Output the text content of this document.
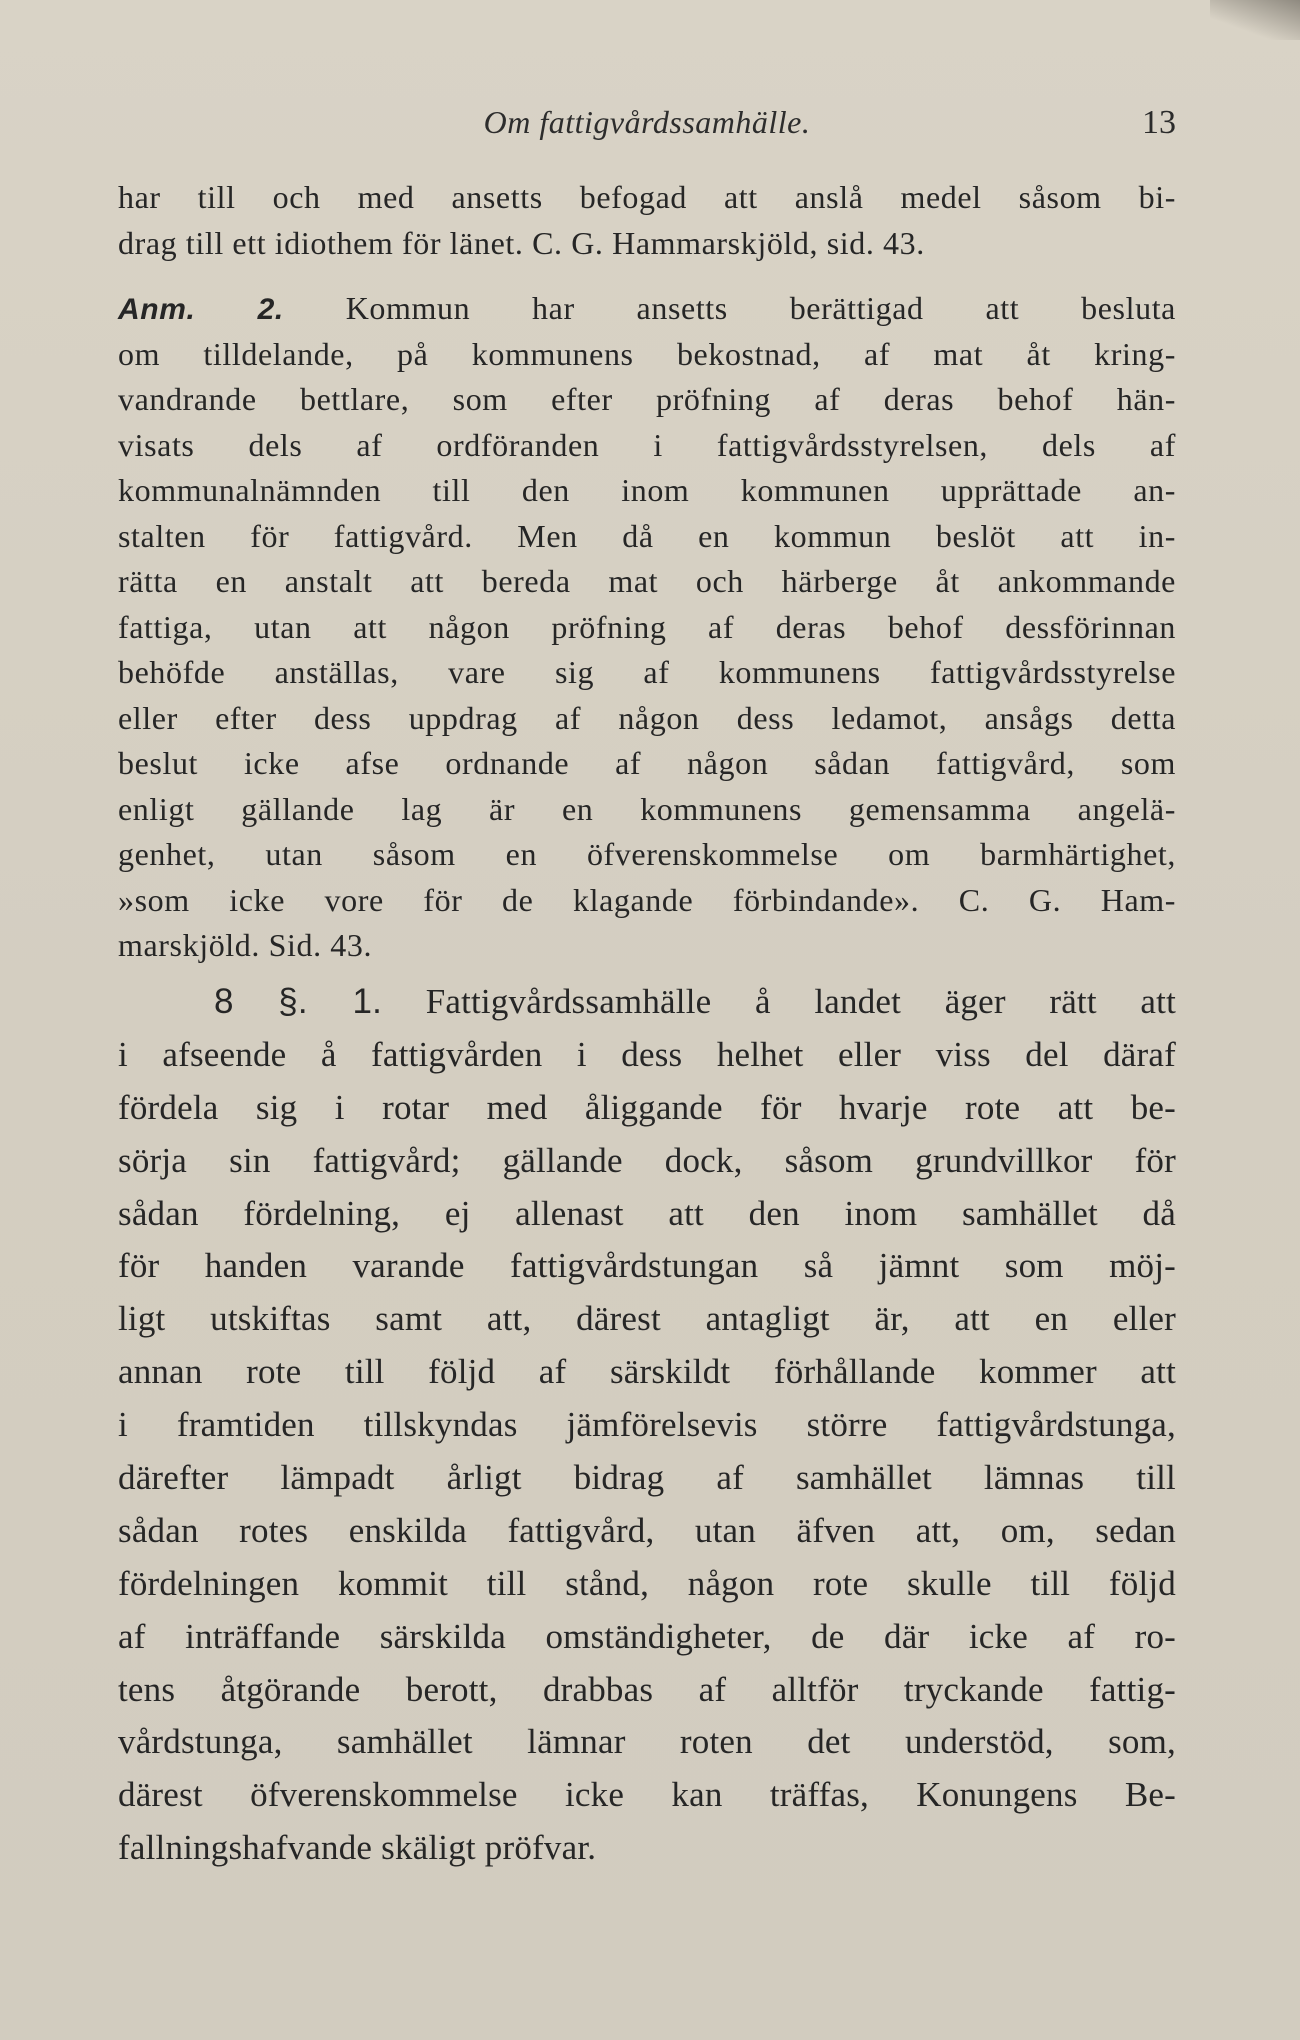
Om fattigvårdssamhälle.	13
har till och med ansetts befogad att anslå medel såsom bi-
drag till ett idiothem för länet. C. G. Hammarskjöld, sid. 43.
Anm. 2. Kommun har ansetts berättigad att besluta
om tilldelande, på kommunens bekostnad, af mat åt kring-
vandrande bettlare, som efter pröfning af deras behof hän-
visats dels af ordföranden i fattigvårdsstyrelsen, dels af
kommunalnämnden till den inom kommunen upprättade an-
stalten för fattigvård. Men då en kommun beslöt att in-
rätta en anstalt att bereda mat och härberge åt ankommande
fattiga, utan att någon pröfning af deras behof dessförinnan
behöfde anställas, vare sig af kommunens fattigvårdsstyrelse
eller efter dess uppdrag af någon dess ledamot, ansågs detta
beslut icke afse ordnande af någon sådan fattigvård, som
enligt gällande lag är en kommunens gemensamma angelä-
genhet, utan såsom en öfverenskommelse om barmhärtighet,
»som icke vore för de klagande förbindande». C. G. Ham-
marskjöld. Sid. 43.
8 §. 1. Fattigvårdssamhälle å landet äger rätt att
i afseende å fattigvården i dess helhet eller viss del däraf
fördela sig i rotar med åliggande för hvarje rote att be-
sörja sin fattigvård; gällande dock, såsom grundvillkor för
sådan fördelning, ej allenast att den inom samhället då
för handen varande fattigvårdstungan så jämnt som möj-
ligt utskiftas samt att, därest antagligt är, att en eller
annan rote till följd af särskildt förhållande kommer att
i framtiden tillskyndas jämförelsevis större fattigvårdstunga,
därefter lämpadt årligt bidrag af samhället lämnas till
sådan rotes enskilda fattigvård, utan äfven att, om, sedan
fördelningen kommit till stånd, någon rote skulle till följd
af inträffande särskilda omständigheter, de där icke af ro-
tens åtgörande berott, drabbas af alltför tryckande fattig-
vårdstunga, samhället lämnar roten det understöd, som,
därest öfverenskommelse icke kan träffas, Konungens Be-
fallningshafvande skäligt pröfvar.
